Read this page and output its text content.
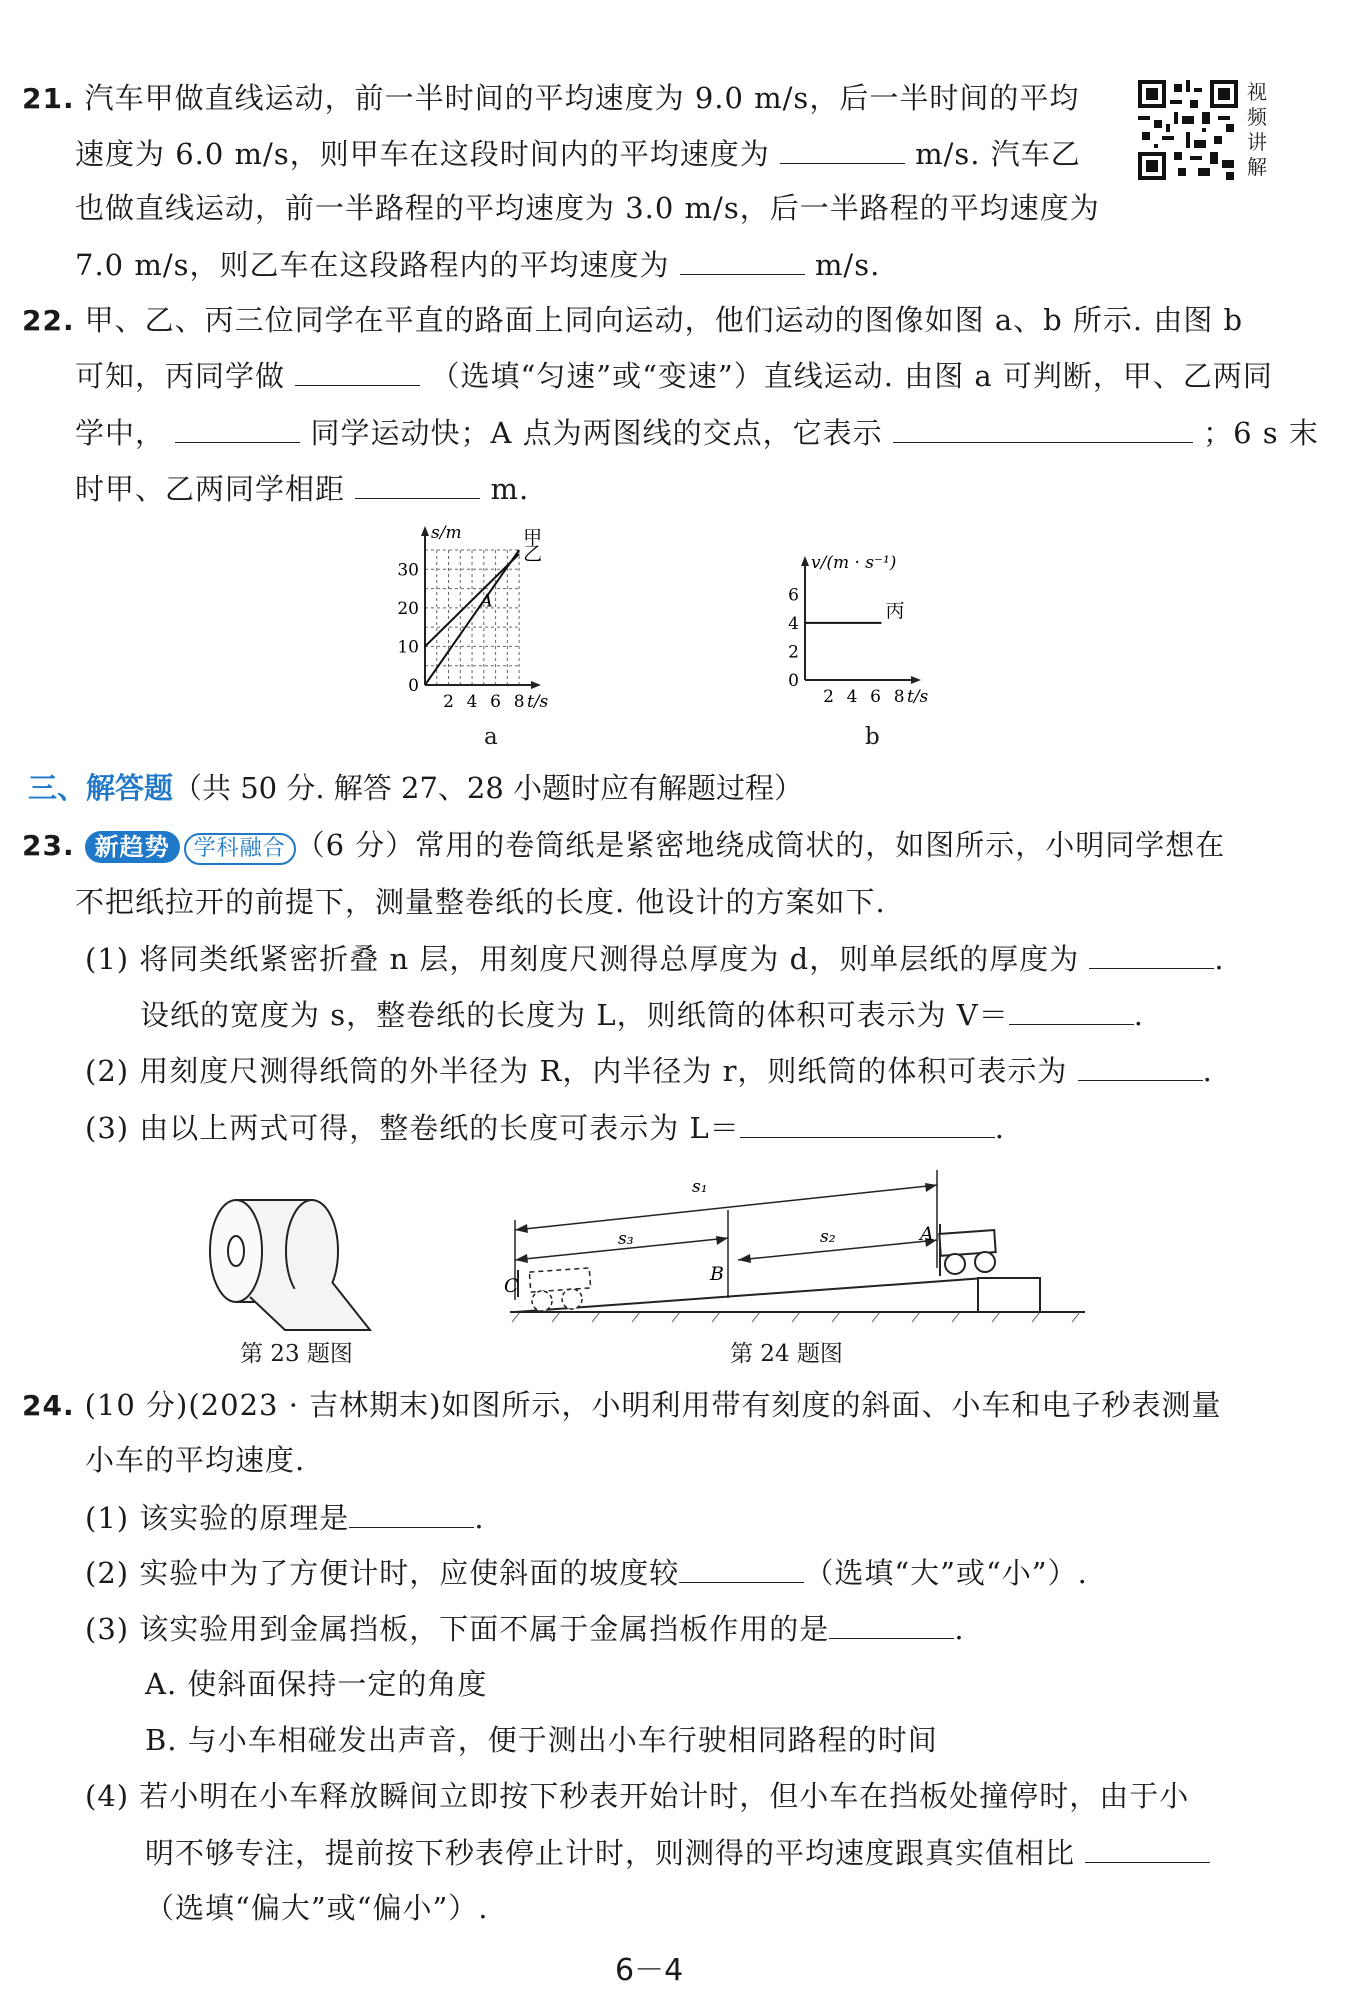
21. 汽车甲做直线运动，前一半时间的平均速度为 9.0 m/s，后一半时间的平均
速度为 6.0 m/s，则甲车在这段时间内的平均速度为	m/s. 汽车乙
也做直线运动，前一半路程的平均速度为 3.0 m/s，后一半路程的平均速度为
7.0 m/s，则乙车在这段路程内的平均速度为	m/s.
视频讲解
22. 甲、乙、丙三位同学在平直的路面上同向运动，他们运动的图像如图 a、b 所示. 由图 b
可知，丙同学做	（选填“匀速”或“变速”）直线运动. 由图 a 可判断，甲、乙两同
学中，	同学运动快；A 点为两图线的交点，它表示	；6 s 末
时甲、乙两同学相距	m.
2 4 6 8
10
20
30
0
t/s
s/m	甲
乙
A
a
2 4 6 8
2
4
6
0
t/s
v/(m · s⁻¹)
丙
b
三、解答题（共 50 分. 解答 27、28 小题时应有解题过程）
23. 新趋势 学科融合 （6 分）常用的卷筒纸是紧密地绕成筒状的，如图所示，小明同学想在
不把纸拉开的前提下，测量整卷纸的长度. 他设计的方案如下.
(1) 将同类纸紧密折叠 n 层，用刻度尺测得总厚度为 d，则单层纸的厚度为	.
设纸的宽度为 s，整卷纸的长度为 L，则纸筒的体积可表示为 V＝	.
(2) 用刻度尺测得纸筒的外半径为 R，内半径为 r，则纸筒的体积可表示为	.
(3) 由以上两式可得，整卷纸的长度可表示为 L＝	.
第 23 题图
s₁
s₃	s₂	A
B
C
第 24 题图
24. (10 分)(2023 · 吉林期末)如图所示，小明利用带有刻度的斜面、小车和电子秒表测量
小车的平均速度.
(1) 该实验的原理是	.
(2) 实验中为了方便计时，应使斜面的坡度较	（选填“大”或“小”）.
(3) 该实验用到金属挡板，下面不属于金属挡板作用的是	.
A. 使斜面保持一定的角度
B. 与小车相碰发出声音，便于测出小车行驶相同路程的时间
(4) 若小明在小车释放瞬间立即按下秒表开始计时，但小车在挡板处撞停时，由于小
明不够专注，提前按下秒表停止计时，则测得的平均速度跟真实值相比
（选填“偏大”或“偏小”）.
6－4
